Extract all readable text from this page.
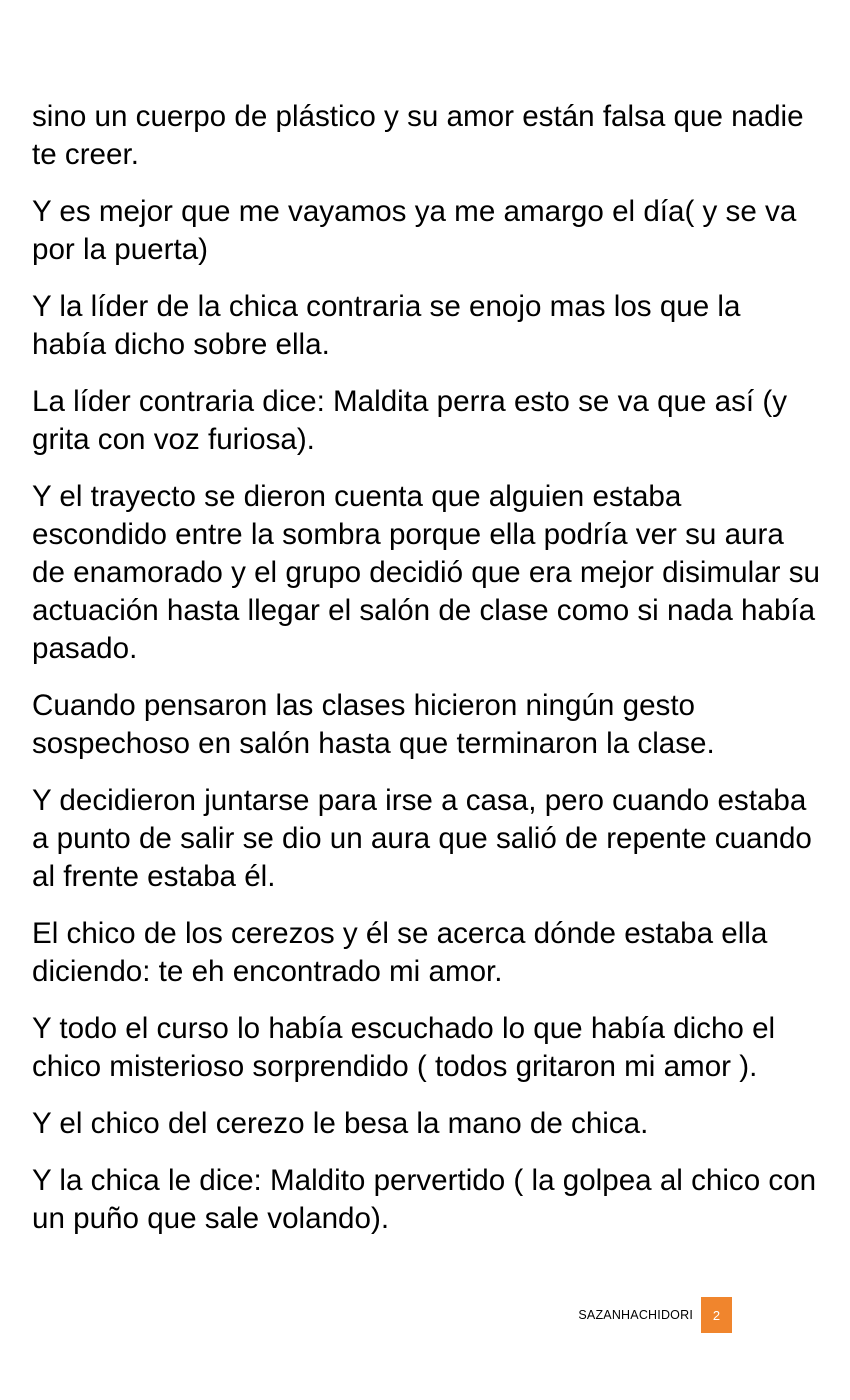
sino un cuerpo de plástico y su amor están falsa que nadie te creer.

Y es mejor que me vayamos ya me amargo el día( y se va por la puerta)

Y la líder de la chica contraria se enojo mas los que la había dicho sobre ella.

La líder contraria dice: Maldita perra esto se va que así (y grita con voz furiosa).

Y el trayecto se dieron cuenta que alguien estaba escondido entre la sombra porque ella podría ver su aura de enamorado y el grupo decidió que era mejor disimular su actuación hasta llegar el salón de clase como si nada había pasado.

Cuando pensaron las clases hicieron ningún gesto sospechoso en salón hasta que terminaron la clase.

Y decidieron juntarse para irse a casa, pero cuando estaba a punto de salir se dio un aura que salió de repente cuando al frente estaba él.

El chico de los cerezos y él se acerca dónde estaba ella diciendo: te eh encontrado mi amor.

Y todo el curso lo había escuchado lo que había dicho el chico misterioso sorprendido ( todos gritaron mi amor ).

Y el chico del cerezo le besa la mano de chica.

Y la chica le dice: Maldito pervertido ( la golpea al chico con un puño que sale volando).

SAZANHACHIDORI	2
